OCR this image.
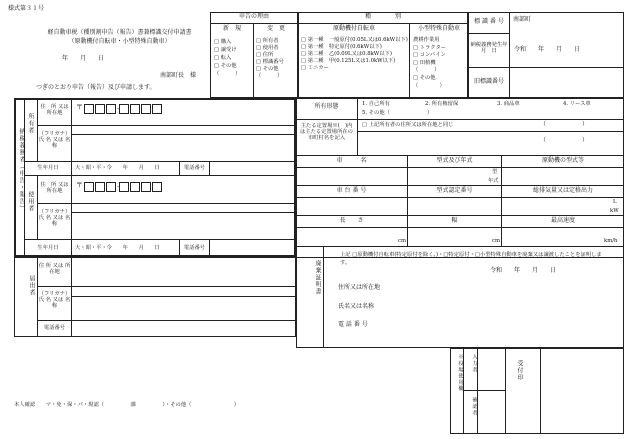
様式第３１号
軽自動車税（種別割申告（報告）書兼標識交付申請書
（原動機付自転車・小型特殊自動車）
年　　月　　日
南部町長　様
つぎのとおり申告（報告）及び申請します。
申告の理由
新　規	変　更
□ 購入
□ 譲受け
□ 転入
□ その他
（　　　）
□ 所有者
□ 使用者
□ 住所
□ 標識番号
□ その他
（　　　）
種　　　　別
原動機付自転車	小型特殊自動車
□ 第一種　一般原付(0.05L又は0.6kW以下)
□ 第一種　特定原付(0.6kW以下)
□ 第二種　乙(0.09L又は0.8kW以下)
□ 第二種　甲(0.125L又は1.0kW以下)
□ ミニカー
農耕作業用
□ トラクター
□ コンバイン
□ 田植機
（　　　）
□ その他
（　　　　）
標 識 番 号	南部町
納税義務発生年　月　日	令和　　年　　月　　日
旧標識番号
納税義務者（申告・報告）
所有者
住　所 又は 所在地
〒	-
（フリガナ）氏 名 又は 名 称
生年月日	大・昭・平・令　　年　　月　　日	電話番号
使用者
住　所 又は 所在地
〒	-
（フリガナ）氏 名 又は 名 称
生年月日	大・昭・平・令　　年　　月　　日	電話番号
所有形態	1. 自己所有	2. 所有権留保	3. 商品車	4. リース車
5. その他（　　　　　　　）
主たる定置場※(　)内は主たる定置場所在の市町村名を記入
□ 上記所有者の住所又は所在地と同じ	（　　　　　　）
（　　　　　　）
車　　　名	型式及び年式	原動機の型式等
型
年式
車 台 番 号	型式認定番号	総排気量又は定格出力
L
kW
長　　さ	幅	最高速度
cm	cm	km/h
廃棄証明書
上記 □原動機付自転車(特定原付を除く。)・□特定原付・□小型特殊自動車を廃棄又は譲渡したことを証明します。
令和　　年　　月　　日
住所又は所在地
氏名又は名称
電 話 番 号
届出者
住 所 又は 所在地
（フリガナ）氏 名 又は 名 称
電話番号
※役場使用欄	入力者
確認者
受付印
本人確認　　マ・免・保・パ・現認（　　　　　課　　　　　）・その他（　　　　　　　　）
